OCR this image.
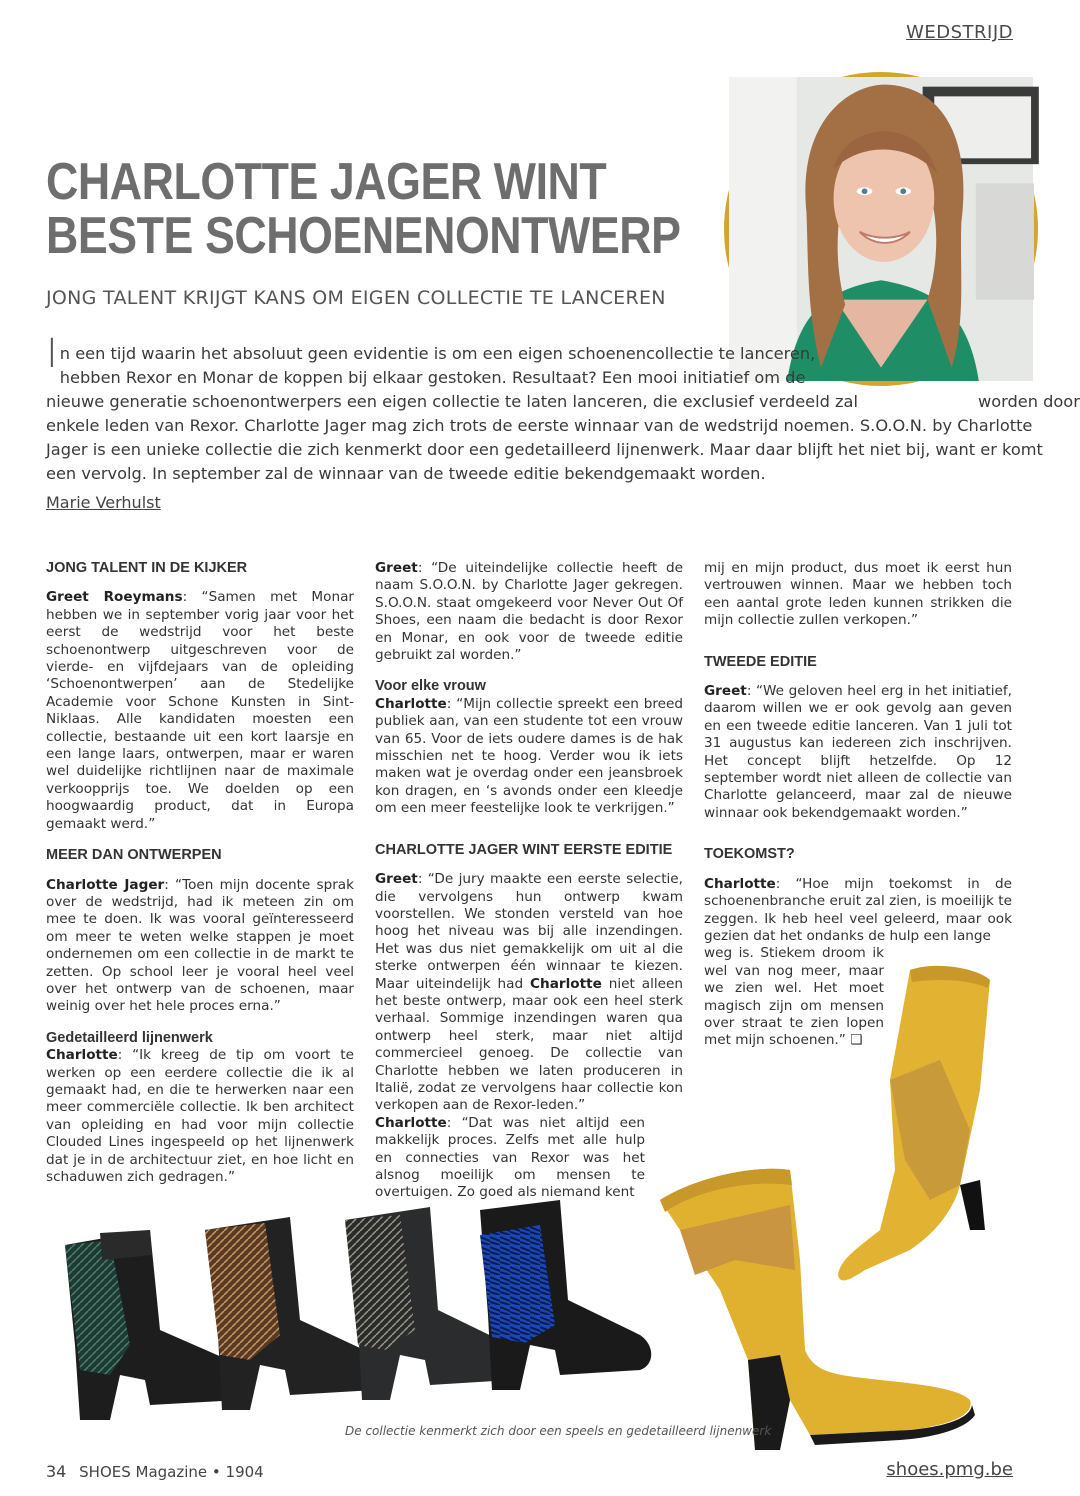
WEDSTRIJD
CHARLOTTE JAGER WINT
BESTE SCHOENENONTWERP
JONG TALENT KRIJGT KANS OM EIGEN COLLECTIE TE LANCEREN
I n een tijd waarin het absoluut geen evidentie is om een eigen schoenencollectie te lanceren,
hebben Rexor en Monar de koppen bij elkaar gestoken. Resultaat? Een mooi initiatief om de
nieuwe generatie schoenontwerpers een eigen collectie te laten lanceren, die exclusief verdeeld zal	worden door
enkele leden van Rexor. Charlotte Jager mag zich trots de eerste winnaar van de wedstrijd noemen. S.O.O.N. by Charlotte
Jager is een unieke collectie die zich kenmerkt door een gedetailleerd lijnenwerk. Maar daar blijft het niet bij, want er komt
een vervolg. In september zal de winnaar van de tweede editie bekendgemaakt worden.
Marie Verhulst
JONG TALENT IN DE KIJKER

Greet Roeymans: “Samen met Monar hebben we in september vorig jaar voor het eerst de wedstrijd voor het beste schoenontwerp uitgeschreven voor de vierde- en vijfdejaars van de opleiding ‘Schoenontwerpen’ aan de Stedelijke Academie voor Schone Kunsten in Sint-Niklaas. Alle kandidaten moesten een collectie, bestaande uit een kort laarsje en een lange laars, ontwerpen, maar er waren wel duidelijke richtlijnen naar de maximale verkoopprijs toe. We doelden op een hoogwaardig product, dat in Europa gemaakt werd.”

MEER DAN ONTWERPEN

Charlotte Jager: “Toen mijn docente sprak over de wedstrijd, had ik meteen zin om mee te doen. Ik was vooral geïnteresseerd om meer te weten welke stappen je moet ondernemen om een collectie in de markt te zetten. Op school leer je vooral heel veel over het ontwerp van de schoenen, maar weinig over het hele proces erna.”

Gedetailleerd lijnenwerk

Charlotte: “Ik kreeg de tip om voort te werken op een eerdere collectie die ik al gemaakt had, en die te herwerken naar een meer commerciële collectie. Ik ben architect van opleiding en had voor mijn collectie Clouded Lines ingespeeld op het lijnenwerk dat je in de architectuur ziet, en hoe licht en schaduwen zich gedragen.”

Greet: “De uiteindelijke collectie heeft de naam S.O.O.N. by Charlotte Jager gekregen. S.O.O.N. staat omgekeerd voor Never Out Of Shoes, een naam die bedacht is door Rexor en Monar, en ook voor de tweede editie gebruikt zal worden.”

Voor elke vrouw

Charlotte: “Mijn collectie spreekt een breed publiek aan, van een studente tot een vrouw van 65. Voor de iets oudere dames is de hak misschien net te hoog. Verder wou ik iets maken wat je overdag onder een jeansbroek kon dragen, en ‘s avonds onder een kleedje om een meer feestelijke look te verkrijgen.”

CHARLOTTE JAGER WINT EERSTE EDITIE

Greet: “De jury maakte een eerste selectie, die vervolgens hun ontwerp kwam voorstellen. We stonden versteld van hoe hoog het niveau was bij alle inzendingen. Het was dus niet gemakkelijk om uit al die sterke ontwerpen één winnaar te kiezen. Maar uiteindelijk had Charlotte niet alleen het beste ontwerp, maar ook een heel sterk verhaal. Sommige inzendingen waren qua ontwerp heel sterk, maar niet altijd commercieel genoeg. De collectie van Charlotte hebben we laten produceren in Italië, zodat ze vervolgens haar collectie kon verkopen aan de Rexor-leden.”

Charlotte: “Dat was niet altijd een makkelijk proces. Zelfs met alle hulp en connecties van Rexor was het alsnog moeilijk om mensen te overtuigen. Zo goed als niemand kent

mij en mijn product, dus moet ik eerst hun vertrouwen winnen. Maar we hebben toch een aantal grote leden kunnen strikken die mijn collectie zullen verkopen.”

TWEEDE EDITIE

Greet: “We geloven heel erg in het initiatief, daarom willen we er ook gevolg aan geven en een tweede editie lanceren. Van 1 juli tot 31 augustus kan iedereen zich inschrijven. Het concept blijft hetzelfde. Op 12 september wordt niet alleen de collectie van Charlotte gelanceerd, maar zal de nieuwe winnaar ook bekendgemaakt worden.”

TOEKOMST?

Charlotte: “Hoe mijn toekomst in de schoenenbranche eruit zal zien, is moeilijk te zeggen. Ik heb heel veel geleerd, maar ook gezien dat het ondanks de hulp een lange

weg is. Stiekem droom ik wel van nog meer, maar we zien wel. Het moet magisch zijn om mensen over straat te zien lopen met mijn schoenen.” ❏

De collectie kenmerkt zich door een speels en gedetailleerd lijnenwerk
34 SHOES Magazine • 1904	shoes.pmg.be
